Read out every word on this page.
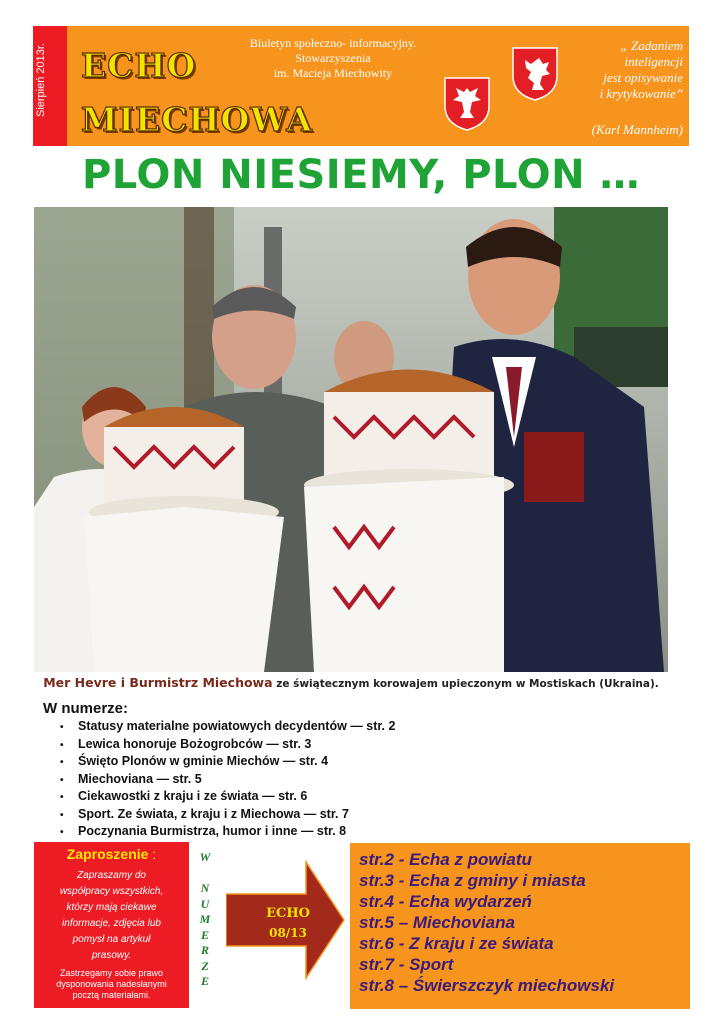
Sierpień 2013r. ECHO
MIECHOWA
Biuletyn społeczno- informacyjny.
Stowarzyszenia
im. Macieja Miechowity
„ Zadaniem
inteligencji
jest opisywanie
i krytykowanie”
(Karl Mannheim)
PLON NIESIEMY, PLON …
Mer Hevre i Burmistrz Miechowa ze świątecznym korowajem upieczonym w Mostiskach (Ukraina).
W numerze:
• Statusy materialne powiatowych decydentów — str. 2
• Lewica honoruje Bożogrobców — str. 3
• Święto Plonów w gminie Miechów — str. 4
• Miechoviana — str. 5
• Ciekawostki z kraju i ze świata — str. 6
• Sport. Ze świata, z kraju i z Miechowa — str. 7
• Poczynania Burmistrza, humor i inne — str. 8
Zaproszenie :
Zapraszamy do
współpracy wszystkich,
którzy mają ciekawe
informacje, zdjęcia lub
pomysł na artykuł
prasowy.
Zastrzegamy sobie prawo
dysponowania nadesłanymi
pocztą materiałami.
W

N
U
M
E
R
Z
E
ECHO
08/13
str.2 - Echa z powiatu
str.3 - Echa z gminy i miasta
str.4 - Echa wydarzeń
str.5 – Miechoviana
str.6 - Z kraju i ze świata
str.7 - Sport
str.8 – Świerszczyk miechowski
